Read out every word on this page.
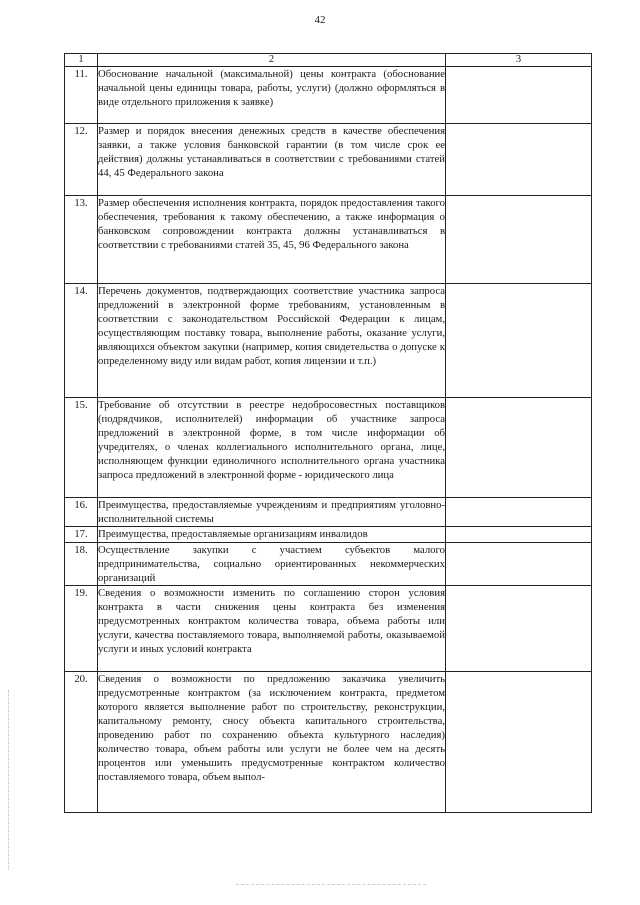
42
1	2	3
11.	Обоснование начальной (максимальной) цены контракта (обоснование начальной цены единицы товара, работы, услуги) (должно оформляться в виде отдельного приложения к заявке)	

12.	Размер и порядок внесения денежных средств в качестве обеспечения заявки, а также условия банковской гарантии (в том числе срок ее действия) должны устанавливаться в соответствии с требованиями статей 44, 45 Федерального закона	

13.	Размер обеспечения исполнения контракта, порядок предоставления такого обеспечения, требования к такому обеспечению, а также информация о банковском сопровождении контракта должны устанавливаться в соответствии с требованиями статей 35, 45, 96 Федерального закона	

14.	Перечень документов, подтверждающих соответствие участника запроса предложений в электронной форме требованиям, установленным в соответствии с законодательством Российской Федерации к лицам, осуществляющим поставку товара, выполнение работы, оказание услуги, являющихся объектом закупки (например, копия свидетельства о допуске к определенному виду или видам работ, копия лицензии и т.п.)	

15.	Требование об отсутствии в реестре недобросовестных поставщиков (подрядчиков, исполнителей) информации об участнике запроса предложений в электронной форме, в том числе информации об учредителях, о членах коллегиального исполнительного органа, лице, исполняющем функции единоличного исполнительного органа участника запроса предложений в электронной форме - юридического лица	

16.	Преимущества, предоставляемые учреждениям и предприятиям уголовно-исполнительной системы	

17.	Преимущества, предоставляемые организациям инвалидов	

18.	Осуществление закупки с участием субъектов малого предпринимательства, социально ориентированных некоммерческих организаций	

19.	Сведения о возможности изменить по соглашению сторон условия контракта в части снижения цены контракта без изменения предусмотренных контрактом количества товара, объема работы или услуги, качества поставляемого товара, выполняемой работы, оказываемой услуги и иных условий контракта	

20.	Сведения о возможности по предложению заказчика увеличить предусмотренные контрактом (за исключением контракта, предметом которого является выполнение работ по строительству, реконструкции, капитальному ремонту, сносу объекта капитального строительства, проведению работ по сохранению объекта культурного наследия) количество товара, объем работы или услуги не более чем на десять процентов или уменьшить предусмотренные контрактом количество поставляемого товара, объем выпол-	
